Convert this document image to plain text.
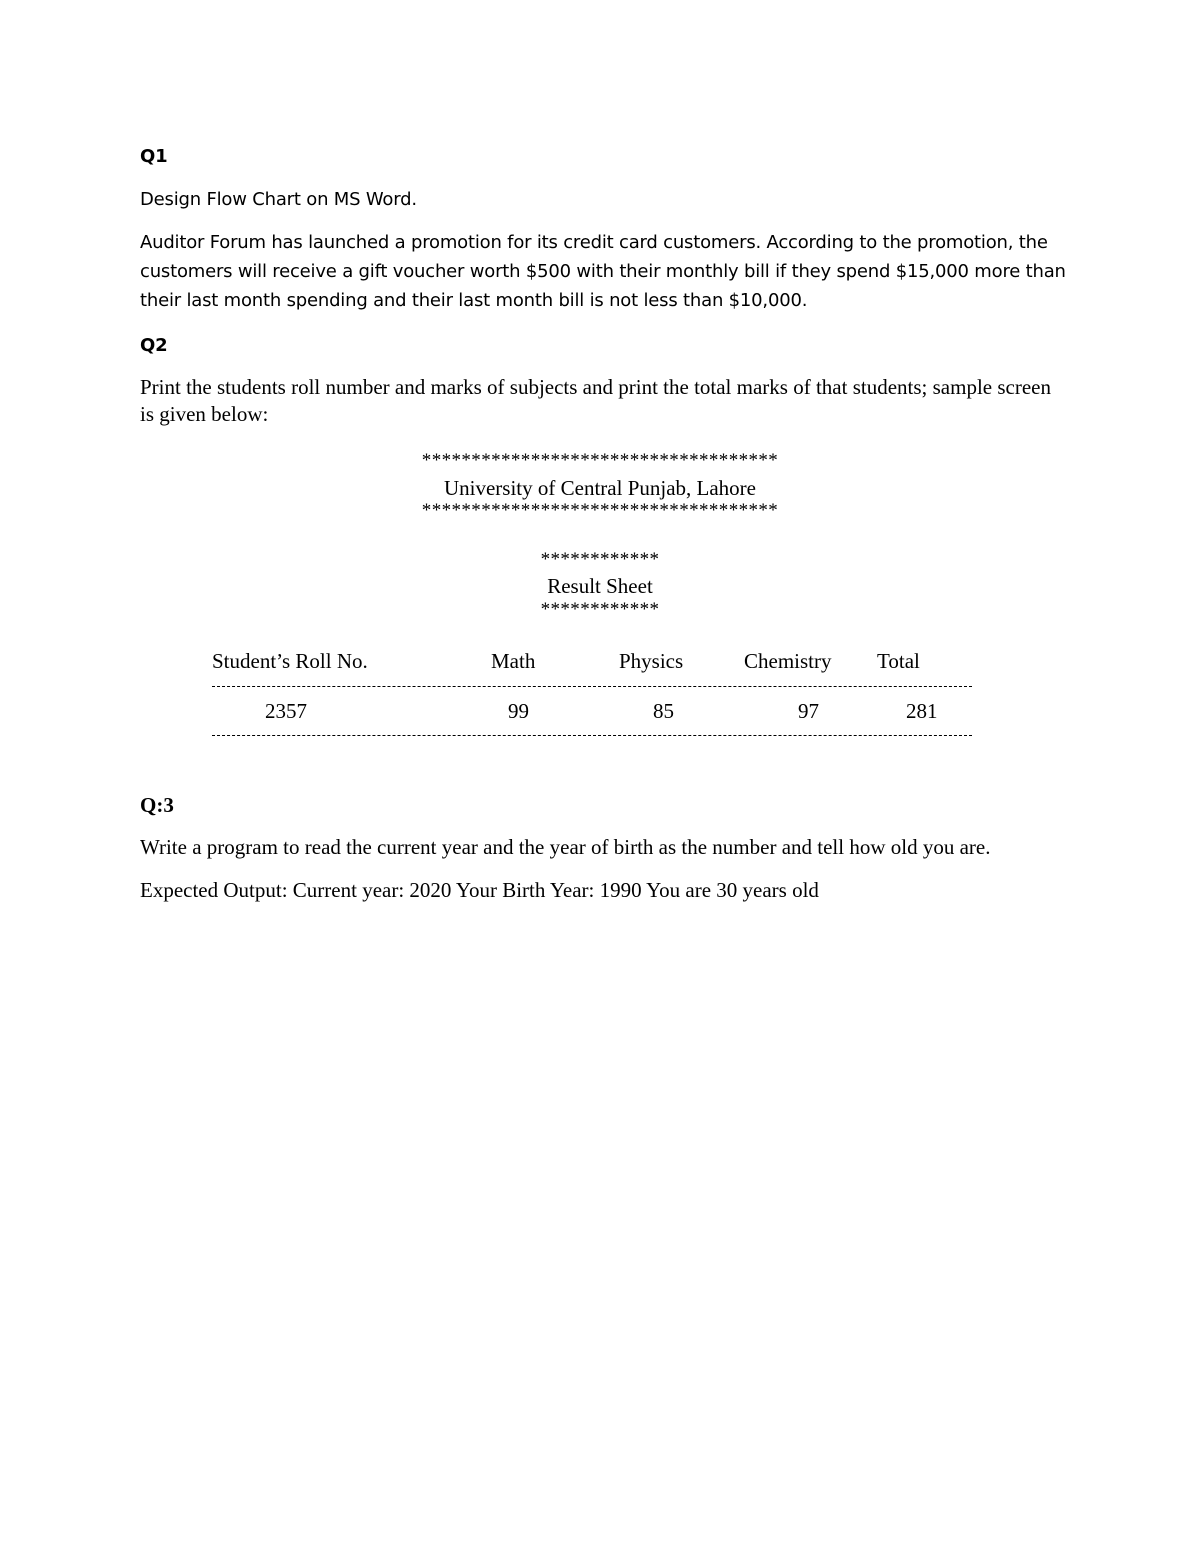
Q1
Design Flow Chart on MS Word.
Auditor Forum has launched a promotion for its credit card customers. According to the promotion, the
customers will receive a gift voucher worth $500 with their monthly bill if they spend $15,000 more than
their last month spending and their last month bill is not less than $10,000.
Q2
Print the students roll number and marks of subjects and print the total marks of that students; sample screen
is given below:
************************************
University of Central Punjab, Lahore
************************************
************
Result Sheet
************
Student’s Roll No.	Math	Physics	Chemistry Total
2357	99	85	97	281
Q:3
Write a program to read the current year and the year of birth as the number and tell how old you are.
Expected Output: Current year: 2020 Your Birth Year: 1990 You are 30 years old
